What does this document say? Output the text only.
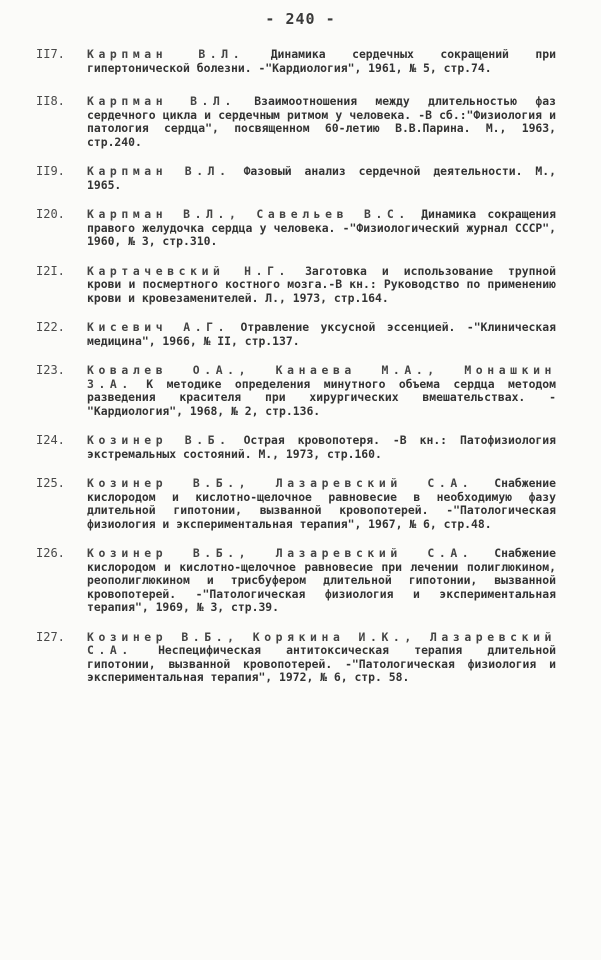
- 240 -
II7.	Карпман В.Л. Динамика сердечных сокращений при гипертонической болезни. -"Кардиология", 1961, № 5, стр.74.
II8.	Карпман В.Л. Взаимоотношения между длительностью фаз сердечного цикла и сердечным ритмом у человека. -В сб.:"Физиология и патология сердца", посвященном 60-летию В.В.Парина. М., 1963, стр.240.
II9.	Карпман В.Л. Фазовый анализ сердечной деятельности. М., 1965.
I20.	Карпман В.Л., Савельев В.С. Динамика сокращения правого желудочка сердца у человека. -"Физиологический журнал СССР", 1960, № 3, стр.310.
I2I.	Картачевский Н.Г. Заготовка и использование трупной крови и посмертного костного мозга.-В кн.: Руководство по применению крови и кровезаменителей. Л., 1973, стр.164.
I22.	Кисевич А.Г. Отравление уксусной эссенцией. -"Клиническая медицина", 1966, № II, стр.137.
I23.	Ковалев О.А., Канаева М.А., Монашкин З.А. К методике определения минутного объема сердца методом разведения красителя при хирургических вмешательствах. -"Кардиология", 1968, № 2, стр.136.
I24.	Козинер В.Б. Острая кровопотеря. -В кн.: Патофизиология экстремальных состояний. М., 1973, стр.160.
I25.	Козинер В.Б., Лазаревский С.А. Снабжение кислородом и кислотно-щелочное равновесие в необходимую фазу длительной гипотонии, вызванной кровопотерей. -"Патологическая физиология и экспериментальная терапия", 1967, № 6, стр.48.
I26.	Козинер В.Б., Лазаревский С.А. Снабжение кислородом и кислотно-щелочное равновесие при лечении полиглюкином, реополиглюкином и трисбуфером длительной гипотонии, вызванной кровопотерей. -"Патологическая физиология и экспериментальная терапия", 1969, № 3, стр.39.
I27.	Козинер В.Б., Корякина И.К., Лазаревский С.А. Неспецифическая антитоксическая терапия длительной гипотонии, вызванной кровопотерей. -"Патологическая физиология и экспериментальная терапия", 1972, № 6, стр. 58.
